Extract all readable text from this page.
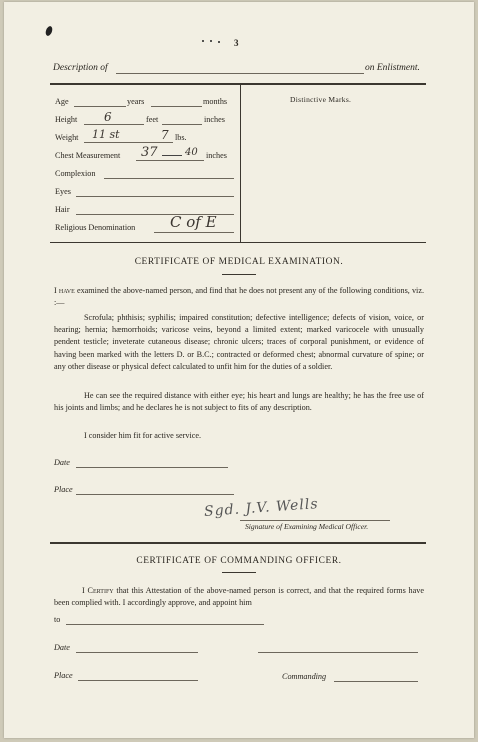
3
Description of	on Enlistment.
Age	years	months
Height 6	feet	inches
Weight 11 st	7 lbs.
Chest Measurement 37	40 inches
Complexion
Eyes
Hair
Religious Denomination C of E
Distinctive Marks.
CERTIFICATE OF MEDICAL EXAMINATION.
I have examined the above-named person, and find that he does not present any of the following conditions, viz. :—
Scrofula; phthisis; syphilis; impaired constitution; defective intelligence; defects of vision, voice, or hearing; hernia; hæmorrhoids; varicose veins, beyond a limited extent; marked varicocele with unusually pendent testicle; inveterate cutaneous disease; chronic ulcers; traces of corporal punishment, or evidence of having been marked with the letters D. or B.C.; contracted or deformed chest; abnormal curvature of spine; or any other disease or physical defect calculated to unfit him for the duties of a soldier.
He can see the required distance with either eye; his heart and lungs are healthy; he has the free use of his joints and limbs; and he declares he is not subject to fits of any description.
I consider him fit for active service.
Date
Place
Sgd. J.V. Wells
Signature of Examining Medical Officer.
CERTIFICATE OF COMMANDING OFFICER.
I Certify that this Attestation of the above-named person is correct, and that the required forms have been complied with. I accordingly approve, and appoint him
to
Date
Place	Commanding
